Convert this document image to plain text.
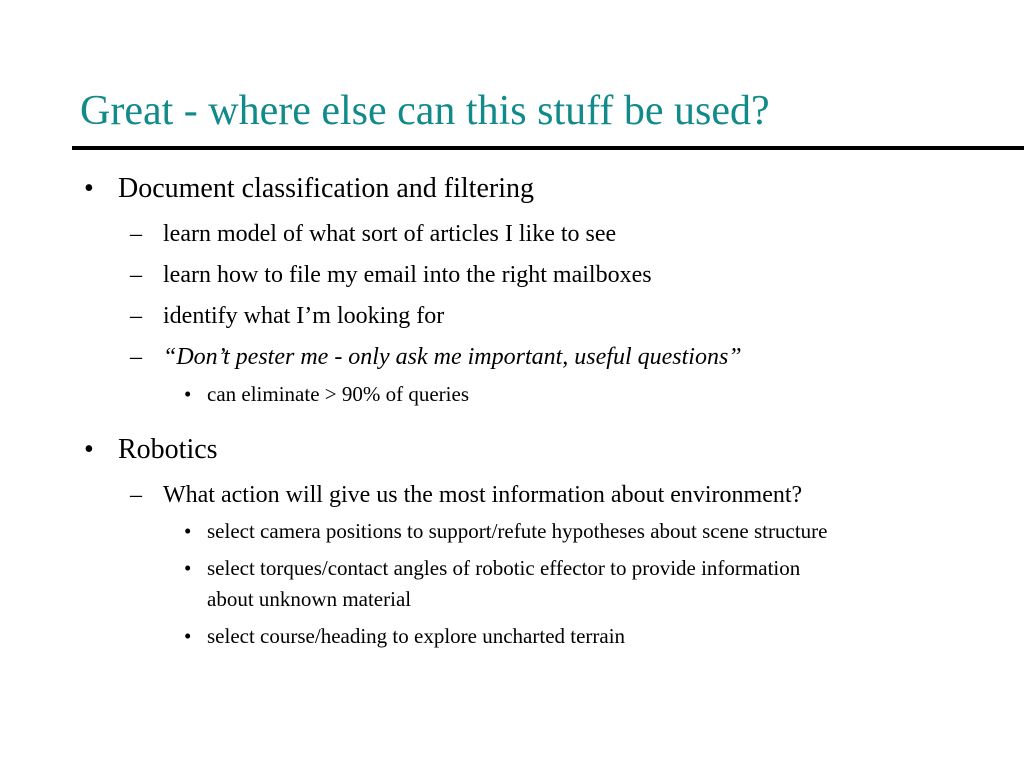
Great - where else can this stuff be used?
• Document classification and filtering
– learn model of what sort of articles I like to see
– learn how to file my email into the right mailboxes
– identify what I’m looking for
– “Don’t pester me - only ask me important, useful questions”
• can eliminate > 90% of queries
• Robotics
– What action will give us the most information about environment?
• select camera positions to support/refute hypotheses about scene structure
• select torques/contact angles of robotic effector to provide information
about unknown material
• select course/heading to explore uncharted terrain
